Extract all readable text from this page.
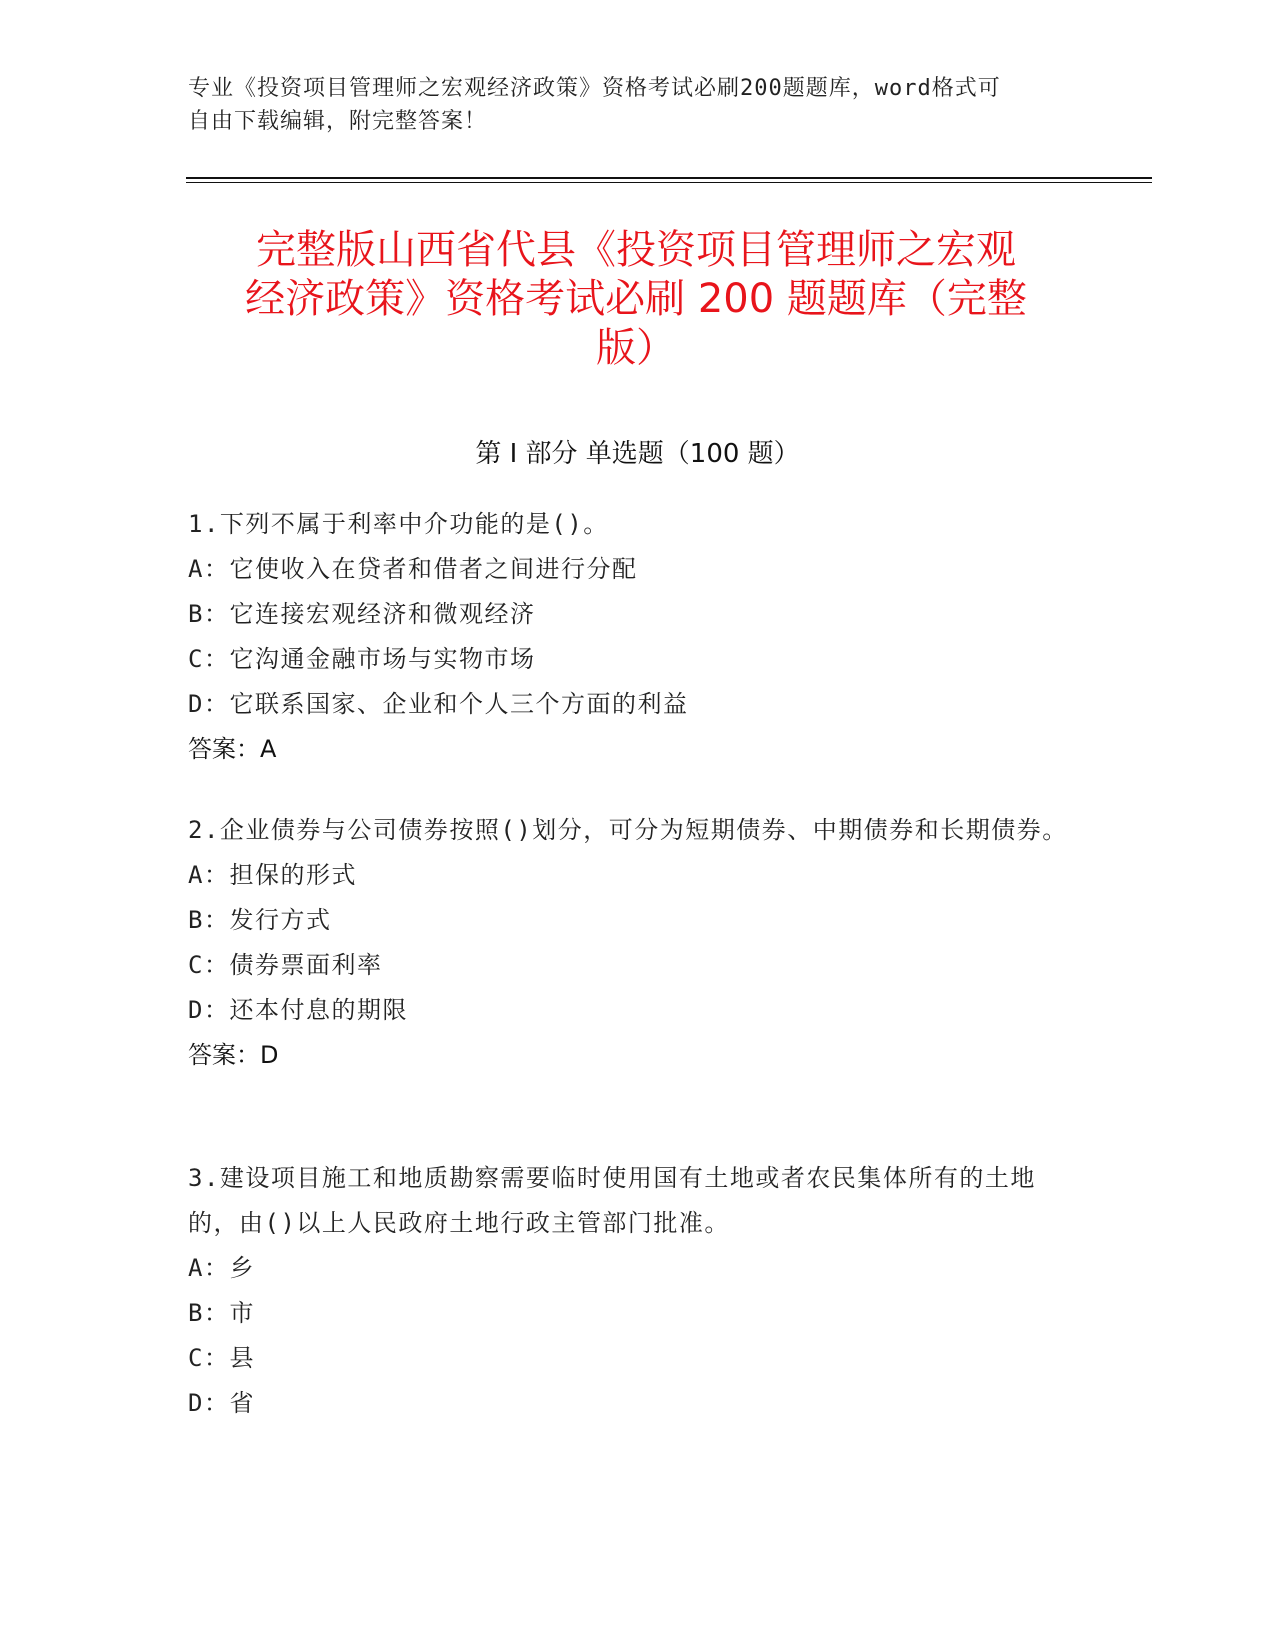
专业《投资项目管理师之宏观经济政策》资格考试必刷200题题库，word格式可
自由下载编辑，附完整答案！
完整版山西省代县《投资项目管理师之宏观
经济政策》资格考试必刷 200 题题库（完整
版）
第 I 部分 单选题（100 题）
1.下列不属于利率中介功能的是()。
A：它使收入在贷者和借者之间进行分配
B：它连接宏观经济和微观经济
C：它沟通金融市场与实物市场
D：它联系国家、企业和个人三个方面的利益
答案：A
2.企业债券与公司债券按照()划分，可分为短期债券、中期债券和长期债券。
A：担保的形式
B：发行方式
C：债券票面利率
D：还本付息的期限
答案：D
3.建设项目施工和地质勘察需要临时使用国有土地或者农民集体所有的土地的，由()以上人民政府土地行政主管部门批准。
A：乡
B：市
C：县
D：省
